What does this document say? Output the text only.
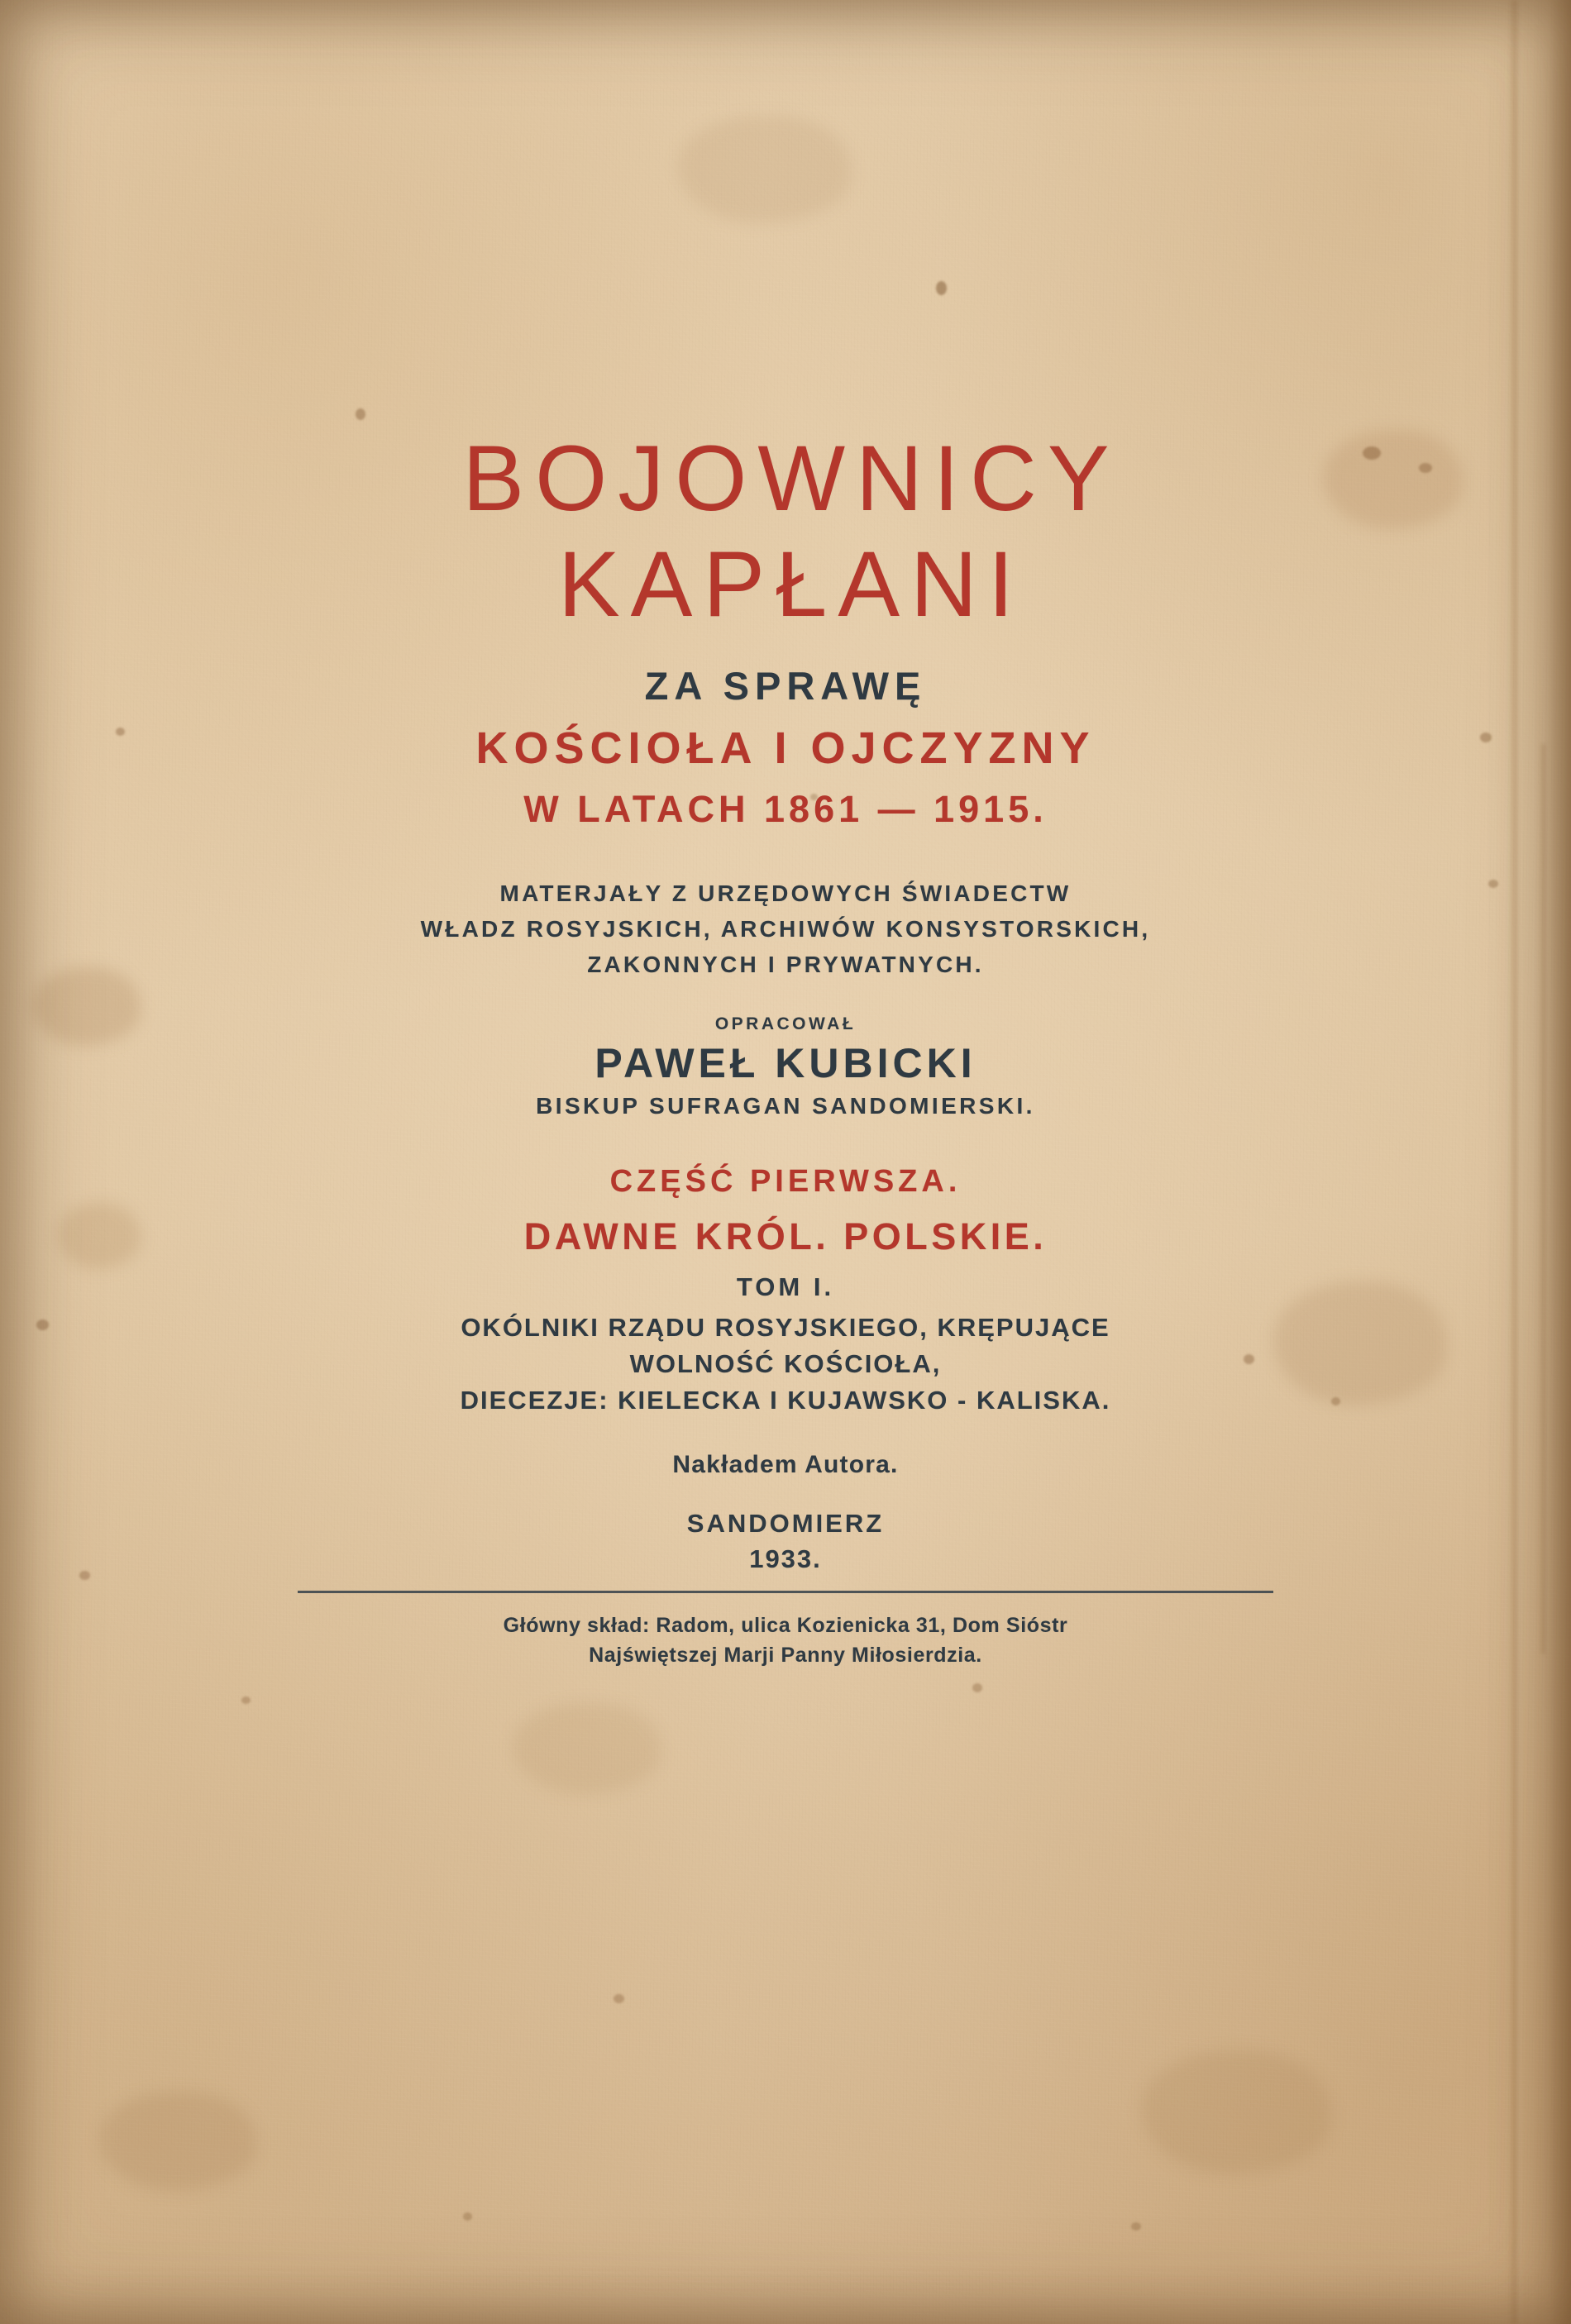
BOJOWNICY
KAPŁANI
ZA SPRAWĘ
KOŚCIOŁA I OJCZYZNY
W LATACH 1861 — 1915.
MATERJAŁY Z URZĘDOWYCH ŚWIADECTW
WŁADZ ROSYJSKICH, ARCHIWÓW KONSYSTORSKICH,
ZAKONNYCH I PRYWATNYCH.
OPRACOWAŁ
PAWEŁ KUBICKI
BISKUP SUFRAGAN SANDOMIERSKI.
CZĘŚĆ PIERWSZA.
DAWNE KRÓL. POLSKIE.
TOM I.
OKÓLNIKI RZĄDU ROSYJSKIEGO, KRĘPUJĄCE
WOLNOŚĆ KOŚCIOŁA,
DIECEZJE: KIELECKA I KUJAWSKO - KALISKA.
Nakładem Autora.
SANDOMIERZ
1933.
Główny skład: Radom, ulica Kozienicka 31, Dom Sióstr
Najświętszej Marji Panny Miłosierdzia.
